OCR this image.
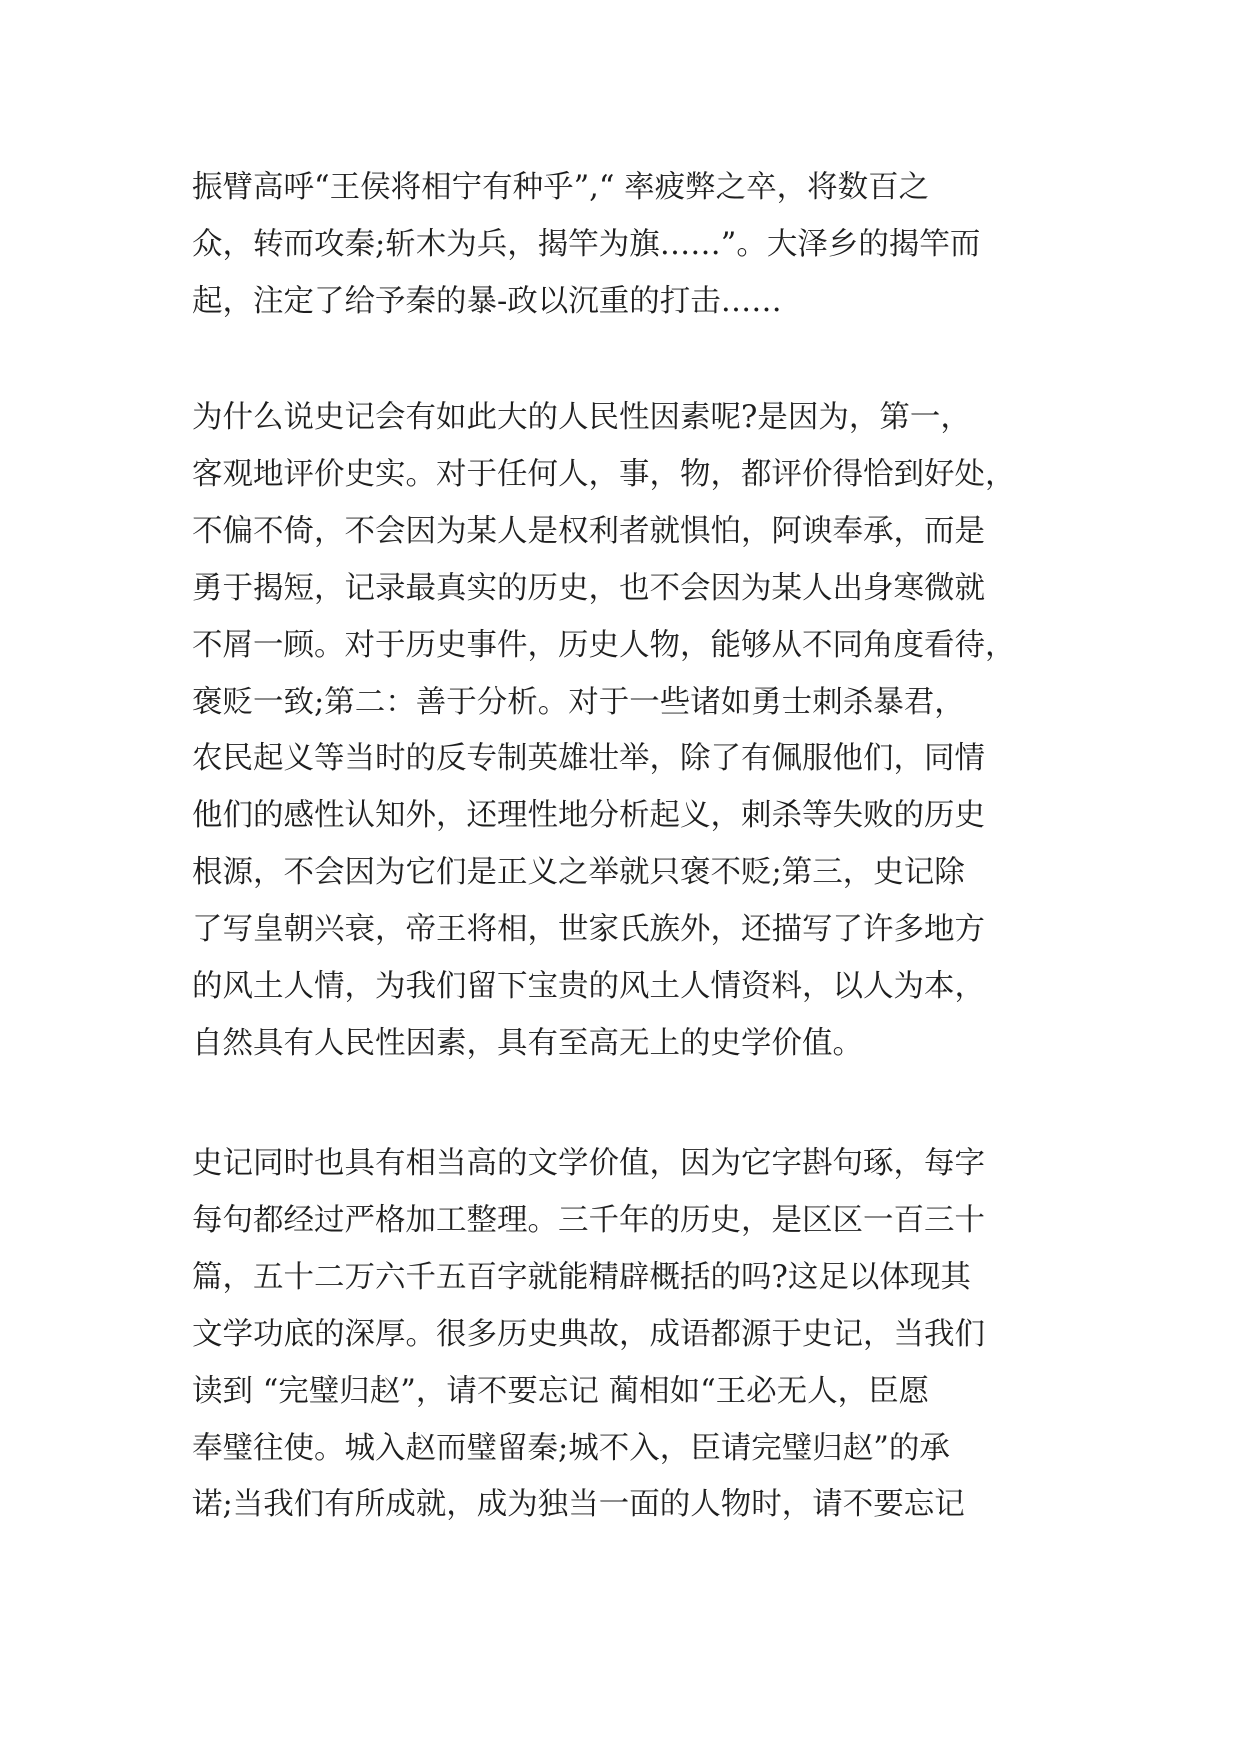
振臂高呼“王侯将相宁有种乎”,“ 率疲弊之卒，将数百之
众，转而攻秦;斩木为兵，揭竿为旗……”。大泽乡的揭竿而
起，注定了给予秦的暴-政以沉重的打击……

为什么说史记会有如此大的人民性因素呢?是因为，第一，
客观地评价史实。对于任何人，事，物，都评价得恰到好处，
不偏不倚，不会因为某人是权利者就惧怕，阿谀奉承，而是
勇于揭短，记录最真实的历史，也不会因为某人出身寒微就
不屑一顾。对于历史事件，历史人物，能够从不同角度看待，
褒贬一致;第二：善于分析。对于一些诸如勇士刺杀暴君，
农民起义等当时的反专制英雄壮举，除了有佩服他们，同情
他们的感性认知外，还理性地分析起义，刺杀等失败的历史
根源，不会因为它们是正义之举就只褒不贬;第三，史记除
了写皇朝兴衰，帝王将相，世家氏族外，还描写了许多地方
的风土人情，为我们留下宝贵的风土人情资料，以人为本，
自然具有人民性因素，具有至高无上的史学价值。

史记同时也具有相当高的文学价值，因为它字斟句琢，每字
每句都经过严格加工整理。三千年的历史，是区区一百三十
篇，五十二万六千五百字就能精辟概括的吗?这足以体现其
文学功底的深厚。很多历史典故，成语都源于史记，当我们
读到 “完璧归赵”，请不要忘记 蔺相如“王必无人，臣愿
奉璧往使。城入赵而璧留秦;城不入，臣请完璧归赵”的承
诺;当我们有所成就，成为独当一面的人物时，请不要忘记
